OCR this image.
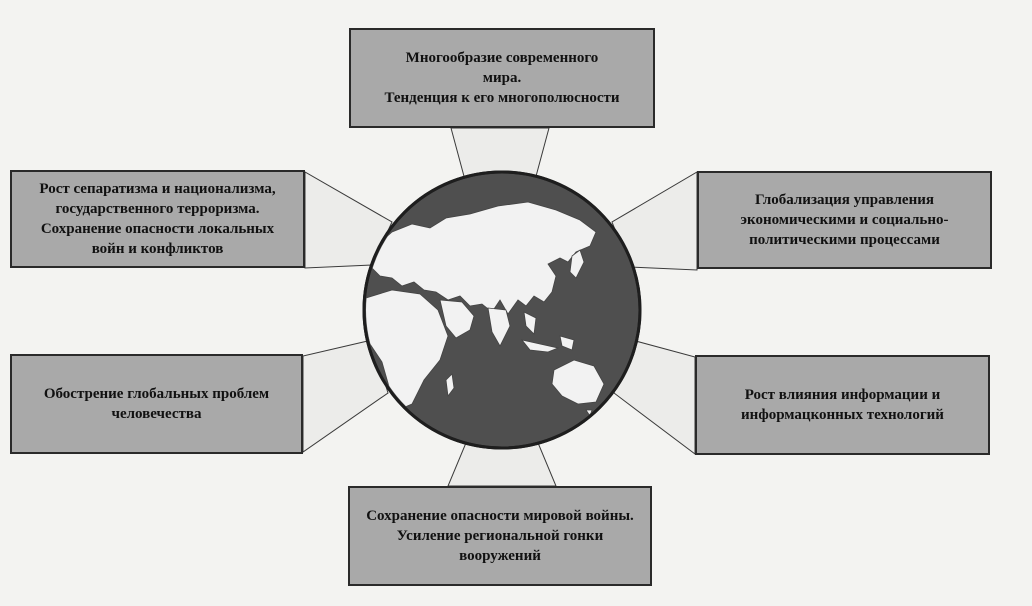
Многообразие современного
мира.
Тенденция к его многополюсности
Рост сепаратизма и национализма,
государственного терроризма.
Сохранение опасности локальных
войн и конфликтов
Глобализация управления
экономическими и социально-
политическими процессами
Обострение глобальных проблем
человечества
Рост влияния информации и
информацконных технологий
Сохранение опасности мировой войны.
Усиление региональной гонки
вооружений
